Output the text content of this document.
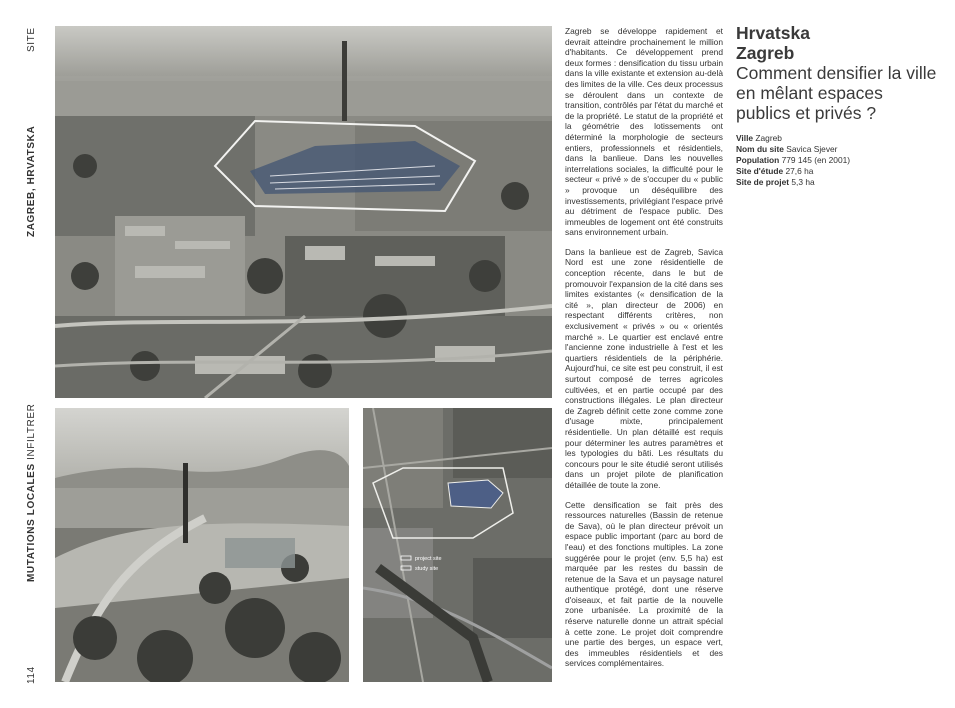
SITE
ZAGREB, HRVATSKA
MUTATIONS LOCALES INFILTRER
114
project site
study site

Zagreb se développe rapidement et devrait atteindre prochainement le million d'habitants. Ce développement prend deux formes : densification du tissu urbain dans la ville existante et extension au-delà des limites de la ville. Ces deux processus se déroulent dans un contexte de transition, contrôlés par l'état du marché et de la propriété. Le statut de la propriété et la géométrie des lotissements ont déterminé la morphologie de secteurs entiers, professionnels et résidentiels, dans la banlieue. Dans les nouvelles interrelations sociales, la difficulté pour le secteur « privé » de s'occuper du « public » provoque un déséquilibre des investissements, privilégiant l'espace privé au détriment de l'espace public. Des immeubles de logement ont été construits sans environnement urbain.

Dans la banlieue est de Zagreb, Savica Nord est une zone résidentielle de conception récente, dans le but de promouvoir l'expansion de la cité dans ses limites existantes (« densification de la cité », plan directeur de 2006) en respectant différents critères, non exclusivement « privés » ou « orientés marché ». Le quartier est enclavé entre l'ancienne zone industrielle à l'est et les quartiers résidentiels de la périphérie. Aujourd'hui, ce site est peu construit, il est surtout composé de terres agricoles cultivées, et en partie occupé par des constructions illégales. Le plan directeur de Zagreb définit cette zone comme zone d'usage mixte, principalement résidentielle. Un plan détaillé est requis pour déterminer les autres paramètres et les typologies du bâti. Les résultats du concours pour le site étudié seront utilisés dans un projet pilote de planification détaillée de toute la zone.

Cette densification se fait près des ressources naturelles (Bassin de retenue de Sava), où le plan directeur prévoit un espace public important (parc au bord de l'eau) et des fonctions multiples. La zone suggérée pour le projet (env. 5,5 ha) est marquée par les restes du bassin de retenue de la Sava et un paysage naturel authentique protégé, dont une réserve d'oiseaux, et fait partie de la nouvelle zone urbanisée. La proximité de la réserve naturelle donne un attrait spécial à cette zone. Le projet doit comprendre une partie des berges, un espace vert, des immeubles résidentiels et des services complémentaires.

Hrvatska
Zagreb
Comment densifier la ville en mêlant espaces publics et privés ?
Ville Zagreb
Nom du site Savica Sjever
Population 779 145 (en 2001)
Site d'étude 27,6 ha
Site de projet 5,3 ha
